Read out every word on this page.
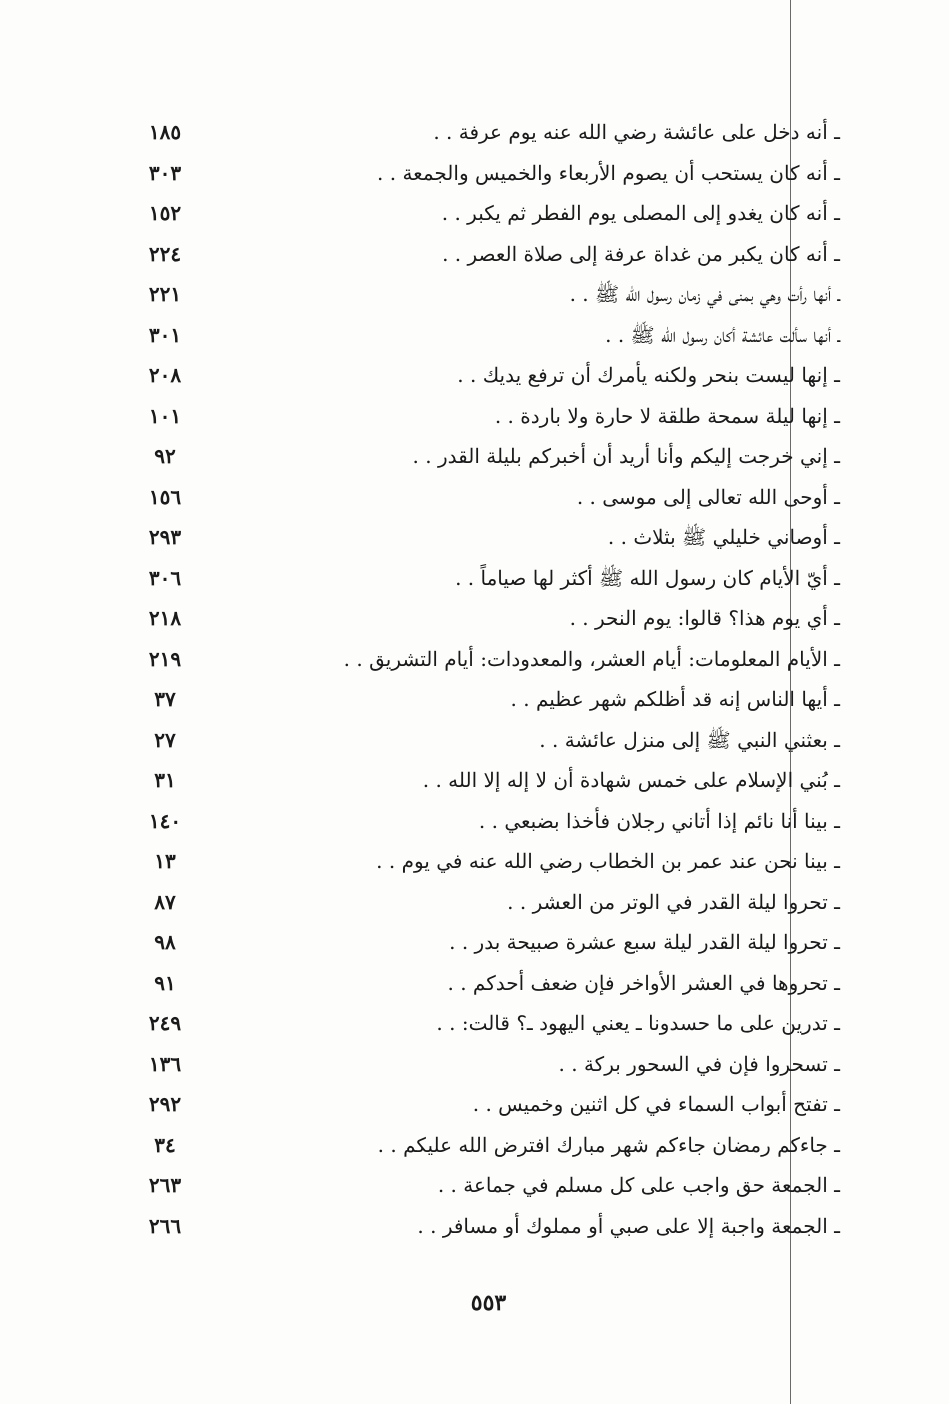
ـ أنه دخل على عائشة رضي الله عنه يوم عرفة . .
١٨٥
ـ أنه كان يستحب أن يصوم الأربعاء والخميس والجمعة . .
٣٠٣
ـ أنه كان يغدو إلى المصلى يوم الفطر ثم يكبر . .
١٥٢
ـ أنه كان يكبر من غداة عرفة إلى صلاة العصر . .
٢٢٤
ـ أنها رأت وهي بمنى في زمان رسول الله ﷺ . .
٢٢١
ـ أنها سألت عائشة أكان رسول الله ﷺ . .
٣٠١
ـ إنها ليست بنحر ولكنه يأمرك أن ترفع يديك . .
٢٠٨
ـ إنها ليلة سمحة طلقة لا حارة ولا باردة . .
١٠١
ـ إني خرجت إليكم وأنا أريد أن أخبركم بليلة القدر . .
٩٢
ـ أوحى الله تعالى إلى موسى . .
١٥٦
ـ أوصاني خليلي ﷺ بثلاث . .
٢٩٣
ـ أيّ الأيام كان رسول الله ﷺ أكثر لها صياماً . .
٣٠٦
ـ أي يوم هذا؟ قالوا: يوم النحر . .
٢١٨
ـ الأيام المعلومات: أيام العشر، والمعدودات: أيام التشريق . .
٢١٩
ـ أيها الناس إنه قد أظلكم شهر عظيم . .
٣٧
ـ بعثني النبي ﷺ إلى منزل عائشة . .
٢٧
ـ بُني الإسلام على خمس شهادة أن لا إله إلا الله . .
٣١
ـ بينا أنا نائم إذا أتاني رجلان فأخذا بضبعي . .
١٤٠
ـ بينا نحن عند عمر بن الخطاب رضي الله عنه في يوم . .
١٣
ـ تحروا ليلة القدر في الوتر من العشر . .
٨٧
ـ تحروا ليلة القدر ليلة سبع عشرة صبيحة بدر . .
٩٨
ـ تحروها في العشر الأواخر فإن ضعف أحدكم . .
٩١
ـ تدرين على ما حسدونا ـ يعني اليهود ـ؟ قالت: . .
٢٤٩
ـ تسحروا فإن في السحور بركة . .
١٣٦
ـ تفتح أبواب السماء في كل اثنين وخميس . .
٢٩٢
ـ جاءكم رمضان جاءكم شهر مبارك افترض الله عليكم . .
٣٤
ـ الجمعة حق واجب على كل مسلم في جماعة . .
٢٦٣
ـ الجمعة واجبة إلا على صبي أو مملوك أو مسافر . .
٢٦٦
٥٥٣
